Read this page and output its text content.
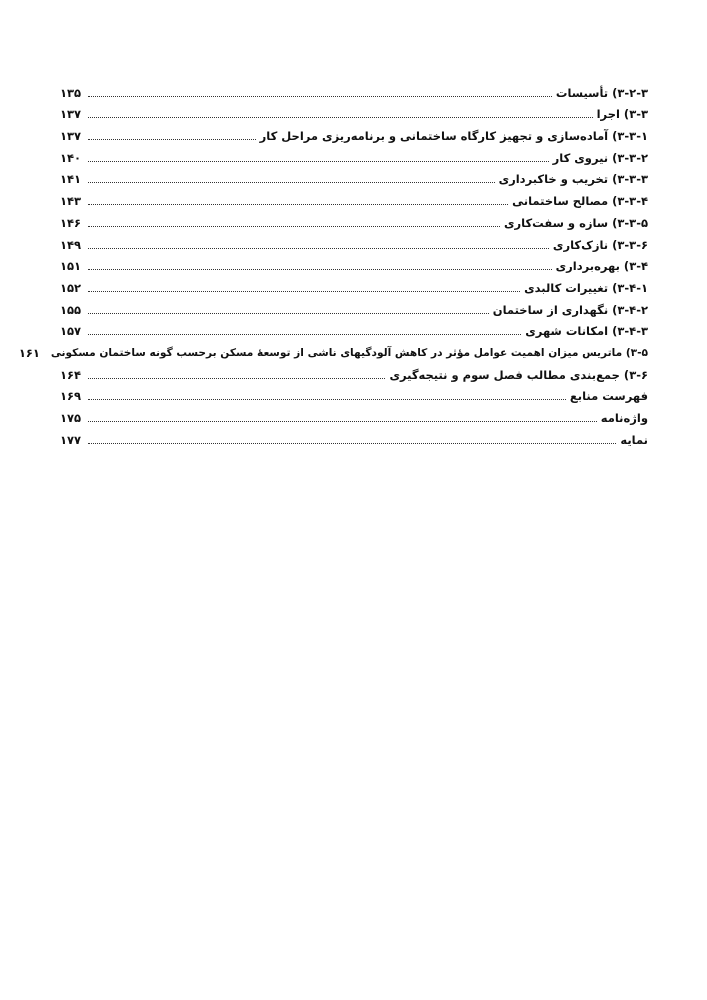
۳-۲-۳) تأسیسات
۱۳۵
۳-۳) اجرا
۱۳۷
۳-۳-۱) آماده‌سازی و تجهیز کارگاه ساختمانی و برنامه‌ریزی مراحل کار
۱۳۷
۳-۳-۲) نیروی کار
۱۴۰
۳-۳-۳) تخریب و خاکبرداری
۱۴۱
۳-۳-۴) مصالح ساختمانی
۱۴۳
۳-۳-۵) سازه و سفت‌کاری
۱۴۶
۳-۳-۶) نازک‌کاری
۱۴۹
۳-۴) بهره‌برداری
۱۵۱
۳-۴-۱) تغییرات کالبدی
۱۵۲
۳-۴-۲) نگهداری از ساختمان
۱۵۵
۳-۴-۳) امکانات شهری
۱۵۷
۳-۵) ماتریس میزان اهمیت عوامل مؤثر در کاهش آلودگیهای ناشی از توسعهٔ مسکن برحسب گونه ساختمان مسکونی
۱۶۱
۳-۶) جمع‌بندی مطالب فصل سوم و نتیجه‌گیری
۱۶۴
فهرست منابع
۱۶۹
واژه‌نامه
۱۷۵
نمایه
۱۷۷
